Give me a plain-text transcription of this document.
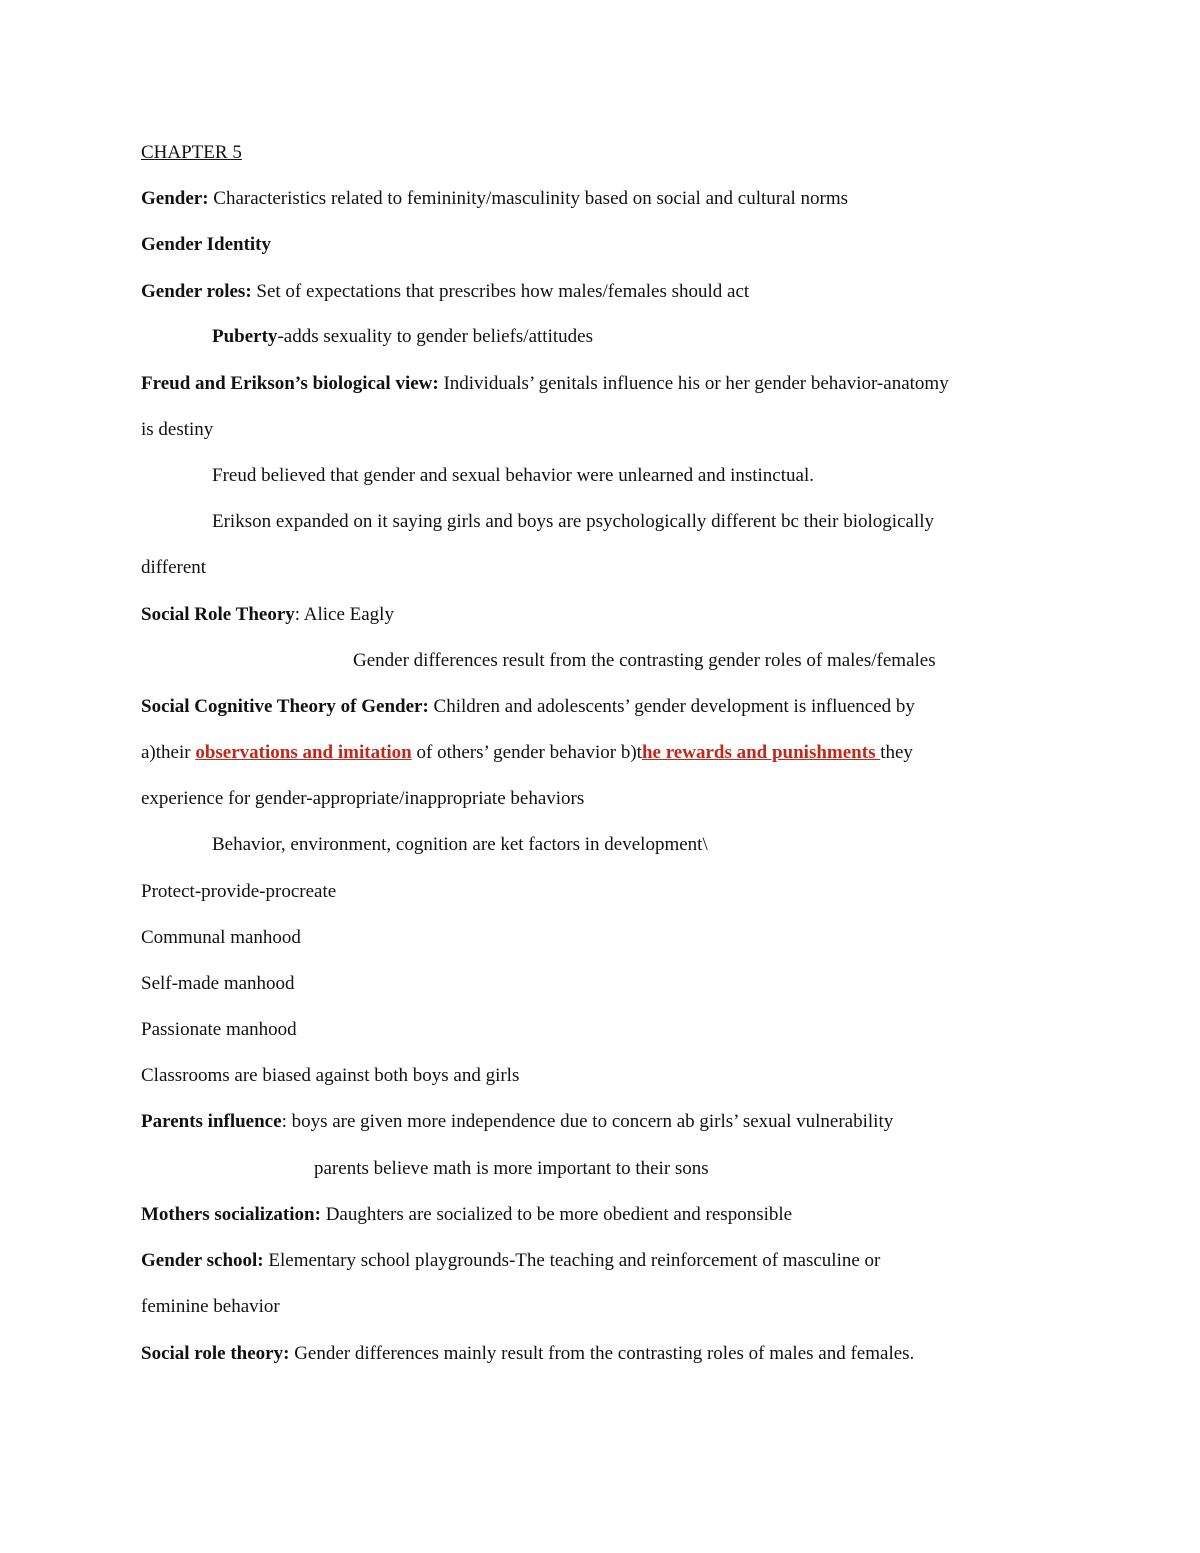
CHAPTER 5
Gender: Characteristics related to femininity/masculinity based on social and cultural norms
Gender Identity
Gender roles: Set of expectations that prescribes how males/females should act
Puberty-adds sexuality to gender beliefs/attitudes
Freud and Erikson’s biological view: Individuals’ genitals influence his or her gender behavior-anatomy
is destiny
Freud believed that gender and sexual behavior were unlearned and instinctual.
Erikson expanded on it saying girls and boys are psychologically different bc their biologically
different
Social Role Theory: Alice Eagly
Gender differences result from the contrasting gender roles of males/females
Social Cognitive Theory of Gender: Children and adolescents’ gender development is influenced by
a)their observations and imitation of others’ gender behavior b)the rewards and punishments they
experience for gender-appropriate/inappropriate behaviors
Behavior, environment, cognition are ket factors in development\
Protect-provide-procreate
Communal manhood
Self-made manhood
Passionate manhood
Classrooms are biased against both boys and girls
Parents influence: boys are given more independence due to concern ab girls’ sexual vulnerability
parents believe math is more important to their sons
Mothers socialization: Daughters are socialized to be more obedient and responsible
Gender school: Elementary school playgrounds-The teaching and reinforcement of masculine or
feminine behavior
Social role theory: Gender differences mainly result from the contrasting roles of males and females.
